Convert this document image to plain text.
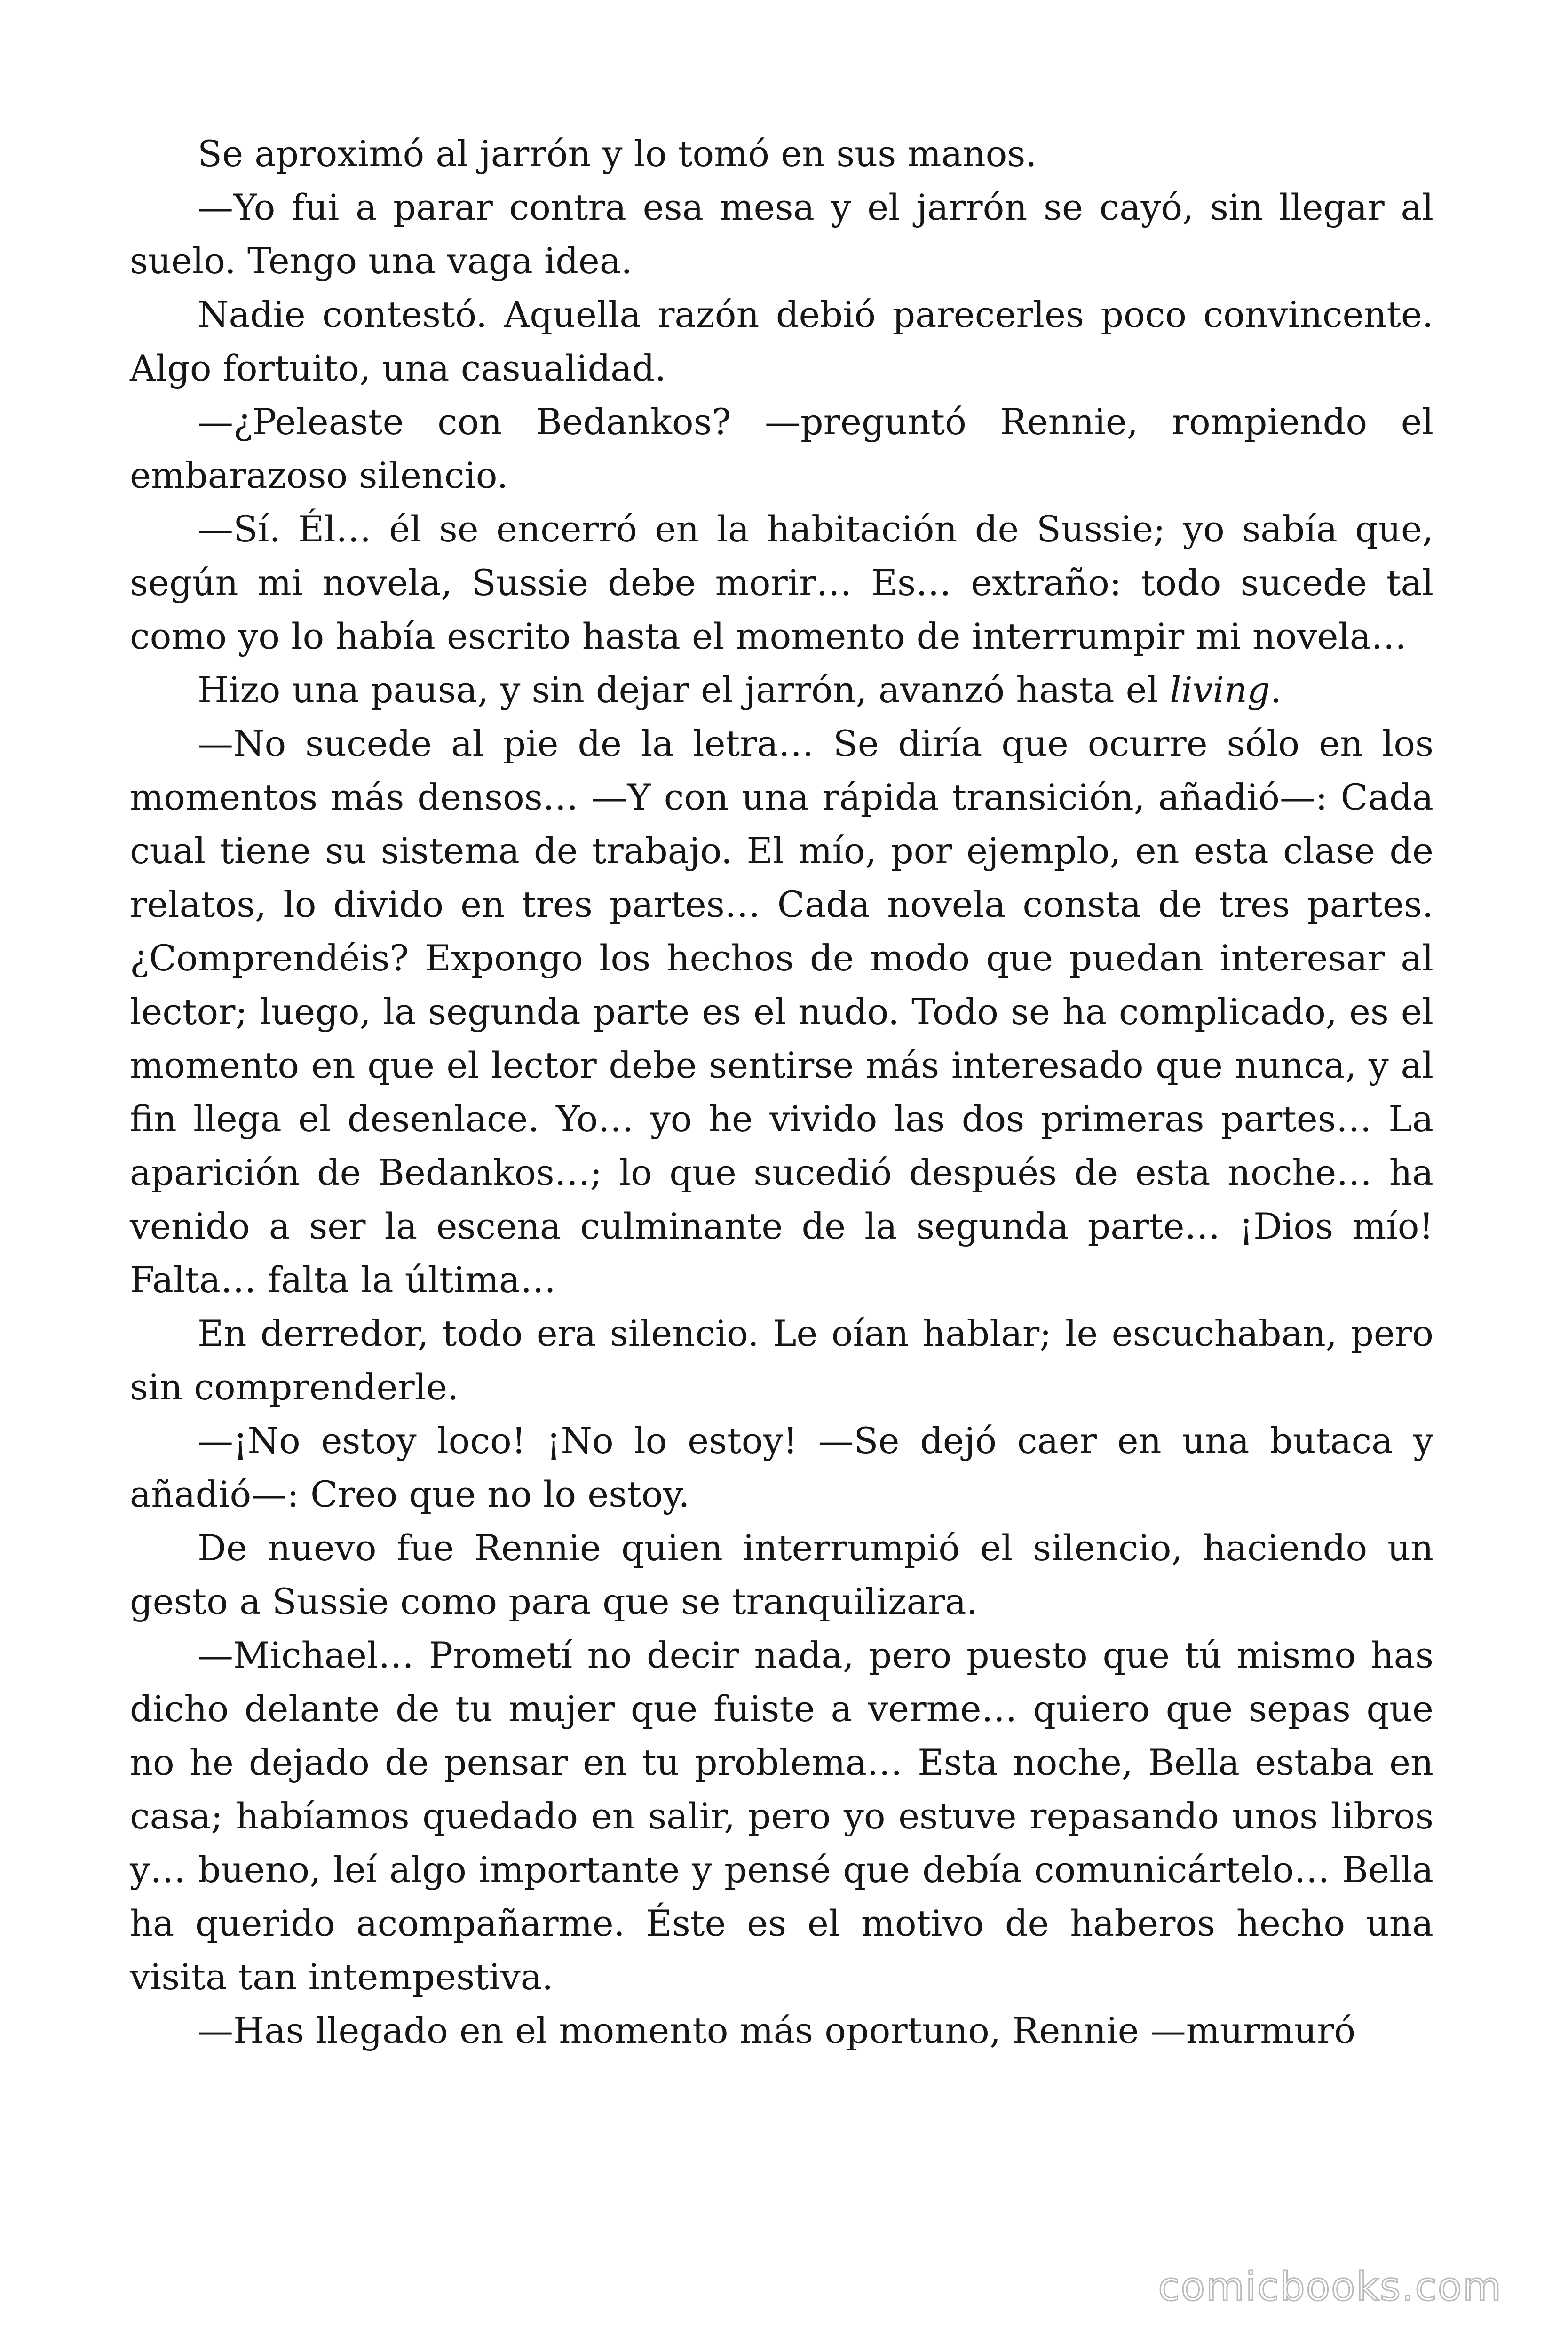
Se aproximó al jarrón y lo tomó en sus manos.

—Yo fui a parar contra esa mesa y el jarrón se cayó, sin llegar al suelo. Tengo una vaga idea.

Nadie contestó. Aquella razón debió parecerles poco convincente. Algo fortuito, una casualidad.

—¿Peleaste con Bedankos? —preguntó Rennie, rompiendo el embarazoso silencio.

—Sí. Él… él se encerró en la habitación de Sussie; yo sabía que, según mi novela, Sussie debe morir… Es… extraño: todo sucede tal como yo lo había escrito hasta el momento de interrumpir mi novela…

Hizo una pausa, y sin dejar el jarrón, avanzó hasta el living.

—No sucede al pie de la letra… Se diría que ocurre sólo en los momentos más densos… —Y con una rápida transición, añadió—: Cada cual tiene su sistema de trabajo. El mío, por ejemplo, en esta clase de relatos, lo divido en tres partes… Cada novela consta de tres partes. ¿Comprendéis? Expongo los hechos de modo que puedan interesar al lector; luego, la segunda parte es el nudo. Todo se ha complicado, es el momento en que el lector debe sentirse más interesado que nunca, y al fin llega el desenlace. Yo… yo he vivido las dos primeras partes… La aparición de Bedankos…; lo que sucedió después de esta noche… ha venido a ser la escena culminante de la segunda parte… ¡Dios mío! Falta… falta la última…

En derredor, todo era silencio. Le oían hablar; le escuchaban, pero sin comprenderle.

—¡No estoy loco! ¡No lo estoy! —Se dejó caer en una butaca y añadió—: Creo que no lo estoy.

De nuevo fue Rennie quien interrumpió el silencio, haciendo un gesto a Sussie como para que se tranquilizara.

—Michael… Prometí no decir nada, pero puesto que tú mismo has dicho delante de tu mujer que fuiste a verme… quiero que sepas que no he dejado de pensar en tu problema… Esta noche, Bella estaba en casa; habíamos quedado en salir, pero yo estuve repasando unos libros y… bueno, leí algo importante y pensé que debía comunicártelo… Bella ha querido acompañarme. Éste es el motivo de haberos hecho una visita tan intempestiva.

—Has llegado en el momento más oportuno, Rennie —murmuró

comicbooks.com
